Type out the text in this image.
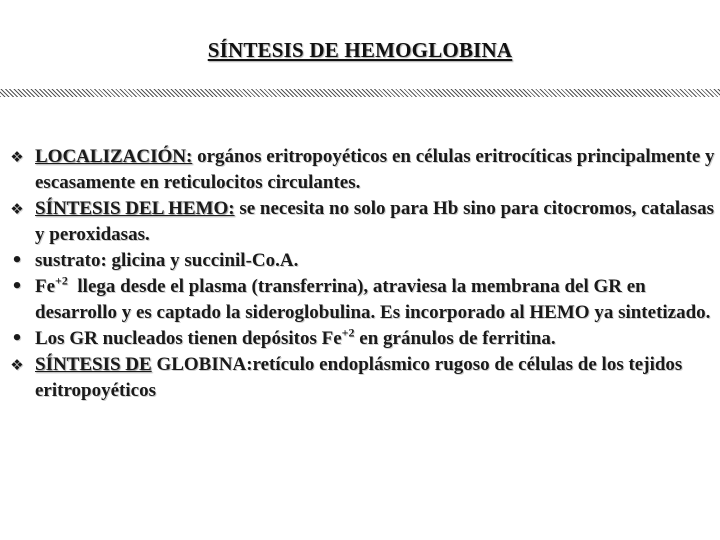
SÍNTESIS DE HEMOGLOBINA
❖ LOCALIZACIÓN: orgános eritropoyéticos en células eritrocíticas principalmente y escasamente en reticulocitos circulantes.
❖ SÍNTESIS DEL HEMO: se necesita no solo para Hb sino para citocromos, catalasas y peroxidasas.
• sustrato: glicina y succinil-Co.A.
• $Fe^{+2}$  llega desde el plasma (transferrina), atraviesa la membrana del GR en desarrollo y es captado la sideroglobulina. Es incorporado al HEMO ya sintetizado.
• Los GR nucleados tienen depósitos $Fe^{+2}$ en gránulos de ferritina.
❖ SÍNTESIS DE GLOBINA:retículo endoplásmico rugoso de células de los tejidos eritropoyéticos
